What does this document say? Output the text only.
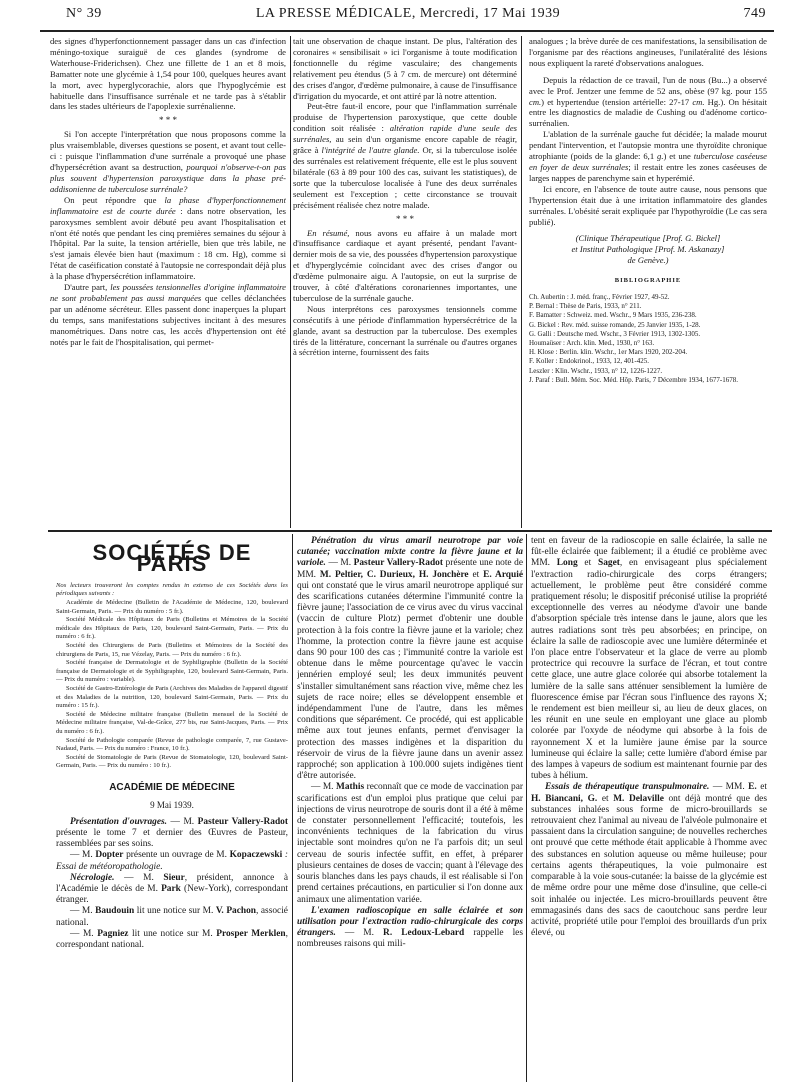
N° 39	LA PRESSE MÉDICALE, Mercredi, 17 Mai 1939	749

des signes d'hyperfonctionnement passager dans un cas d'infection méningo-toxique suraiguë de ces glandes (syndrome de Waterhouse-Friderichsen). Chez une fillette de 1 an et 8 mois, Bamatter note une glycémie à 1,54 pour 100, quelques heures avant la mort, avec hyperglycorachie, alors que l'hypoglycémie est habituelle dans l'insuffisance surrénale et ne tarde pas à s'établir dans les stades ultérieurs de l'apoplexie surrénalienne.

* * *

Si l'on accepte l'interprétation que nous proposons comme la plus vraisemblable, diverses questions se posent, et avant tout celle-ci : puisque l'inflammation d'une surrénale a provoqué une phase d'hypersécrétion avant sa destruction, pourquoi n'observe-t-on pas plus souvent d'hypertension paroxystique dans la phase pré-addisonienne de tuberculose surrénale?

On peut répondre que la phase d'hyperfonctionnement inflammatoire est de courte durée : dans notre observation, les paroxysmes semblent avoir débuté peu avant l'hospitalisation et n'ont été notés que pendant les cinq premières semaines du séjour à l'hôpital. Par la suite, la tension artérielle, bien que très labile, ne s'est jamais élevée bien haut (maximum : 18 cm. Hg), comme si l'état de caséification constaté à l'autopsie ne correspondait déjà plus à la phase d'hypersécrétion inflammatoire.

D'autre part, les poussées tensionnelles d'origine inflammatoire ne sont probablement pas aussi marquées que celles déclanchées par un adénome sécréteur. Elles passent donc inaperçues la plupart du temps, sans manifestations subjectives incitant à des mesures manométriques. Dans notre cas, les accès d'hypertension ont été notés par le fait de l'hospitalisation, qui permet-

tait une observation de chaque instant. De plus, l'altération des coronaires « sensibilisait » ici l'organisme à toute modification fonctionnelle du régime vasculaire; des changements relativement peu étendus (5 à 7 cm. de mercure) ont déterminé des crises d'angor, d'œdème pulmonaire, à cause de l'insuffisance d'irrigation du myocarde, et ont attiré par là notre attention.

Peut-être faut-il encore, pour que l'inflammation surrénale produise de l'hypertension paroxystique, que cette double condition soit réalisée : altération rapide d'une seule des surrénales, au sein d'un organisme encore capable de réagir, grâce à l'intégrité de l'autre glande. Or, si la tuberculose isolée des surrénales est relativement fréquente, elle est le plus souvent bilatérale (63 à 89 pour 100 des cas, suivant les statistiques), de sorte que la tuberculose localisée à l'une des deux surrénales seulement est l'exception ; cette circonstance se trouvait précisément réalisée chez notre malade.

* * *

En résumé, nous avons eu affaire à un malade mort d'insuffisance cardiaque et ayant présenté, pendant l'avant-dernier mois de sa vie, des poussées d'hypertension paroxystique et d'hyperglycémie coïncidant avec des crises d'angor ou d'œdème pulmonaire aigu. A l'autopsie, on eut la surprise de trouver, à côté d'altérations coronariennes importantes, une tuberculose de la surrénale gauche.

Nous interprétons ces paroxysmes tensionnels comme consécutifs à une période d'inflammation hypersécrétrice de la glande, avant sa destruction par la tuberculose. Des exemples tirés de la littérature, concernant la surrénale ou d'autres organes à sécrétion interne, fournissent des faits

analogues ; la brève durée de ces manifestations, la sensibilisation de l'organisme par des réactions angineuses, l'unilatéralité des lésions nous expliquent la rareté d'observations analogues.

Depuis la rédaction de ce travail, l'un de nous (Bu...) a observé avec le Prof. Jentzer une femme de 52 ans, obèse (97 kg. pour 155 cm.) et hypertendue (tension artérielle: 27-17 cm. Hg.). On hésitait entre les diagnostics de maladie de Cushing ou d'adénome cortico-surrénalien.

L'ablation de la surrénale gauche fut décidée; la malade mourut pendant l'intervention, et l'autopsie montra une thyroïdite chronique atrophiante (poids de la glande: 6,1 g.) et une tuberculose caséeuse en foyer de deux surrénales; il restait entre les zones caséeuses de larges nappes de parenchyme sain et hyperémié.

Ici encore, en l'absence de toute autre cause, nous pensons que l'hypertension était due à une irritation inflammatoire des glandes surrénales. L'obésité serait expliquée par l'hypothyroïdie (Le cas sera publié).

(Clinique Thérapeutique [Prof. G. Bickel]
et Institut Pathologique [Prof. M. Askanazy]
de Genève.)
BIBLIOGRAPHIE

Ch. Aubertin : J. méd. franç., Février 1927, 49-52.

P. Bernal : Thèse de Paris, 1933, n° 211.

F. Bamatter : Schweiz. med. Wschr., 9 Mars 1935, 236-238.

G. Bickel : Rev. méd. suisse romande, 25 Janvier 1935, 1-28.

G. Galli : Deutsche med. Wschr., 3 Février 1913, 1302-1305.

Houmaüser : Arch. klin. Med., 1930, n° 163.

H. Klose : Berlin. klin. Wschr., 1er Mars 1920, 202-204.

F. Koller : Endokrinol., 1933, 12, 401-425.

Leszler : Klin. Wschr., 1933, n° 12, 1226-1227.

J. Paraf : Bull. Mém. Soc. Méd. Hôp. Paris, 7 Décembre 1934, 1677-1678.

SOCIÉTÉS DE PARIS

Nos lecteurs trouveront les comptes rendus in extenso de ces Sociétés dans les périodiques suivants :

Académie de Médecine (Bulletin de l'Académie de Médecine, 120, boulevard Saint-Germain, Paris. — Prix du numéro : 5 fr.).

Société Médicale des Hôpitaux de Paris (Bulletins et Mémoires de la Société médicale des Hôpitaux de Paris, 120, boulevard Saint-Germain, Paris. — Prix du numéro : 6 fr.).

Société des Chirurgiens de Paris (Bulletins et Mémoires de la Société des chirurgiens de Paris, 15, rue Vézelay, Paris. — Prix du numéro : 6 fr.).

Société française de Dermatologie et de Syphiligraphie (Bulletin de la Société française de Dermatologie et de Syphiligraphie, 120, boulevard Saint-Germain, Paris. — Prix du numéro : variable).

Société de Gastro-Entérologie de Paris (Archives des Maladies de l'appareil digestif et des Maladies de la nutrition, 120, boulevard Saint-Germain, Paris. — Prix du numéro : 15 fr.).

Société de Médecine militaire française (Bulletin mensuel de la Société de Médecine militaire française, Val-de-Grâce, 277 bis, rue Saint-Jacques, Paris. — Prix du numéro : 6 fr.).

Société de Pathologie comparée (Revue de pathologie comparée, 7, rue Gustave-Nadaud, Paris. — Prix du numéro : France, 10 fr.).

Société de Stomatologie de Paris (Revue de Stomatologie, 120, boulevard Saint-Germain, Paris. — Prix du numéro : 10 fr.).

ACADÉMIE DE MÉDECINE
9 Mai 1939.

Présentation d'ouvrages. — M. Pasteur Vallery-Radot présente le tome 7 et dernier des Œuvres de Pasteur, rassemblées par ses soins.

— M. Dopter présente un ouvrage de M. Kopaczewski : Essai de météoropathologie.

Nécrologie. — M. Sieur, président, annonce à l'Académie le décès de M. Park (New-York), correspondant étranger.

— M. Baudouin lit une notice sur M. V. Pachon, associé national.

— M. Pagniez lit une notice sur M. Prosper Merklen, correspondant national.

Pénétration du virus amaril neurotrope par voie cutanée; vaccination mixte contre la fièvre jaune et la variole. — M. Pasteur Vallery-Radot présente une note de MM. M. Peltier, C. Durieux, H. Jonchère et E. Arquié qui ont constaté que le virus amaril neurotrope appliqué sur des scarifications cutanées détermine l'immunité contre la fièvre jaune; l'association de ce virus avec du virus vaccinal (vaccin de culture Plotz) permet d'obtenir une double protection à la fois contre la fièvre jaune et la variole; chez l'homme, la protection contre la fièvre jaune est acquise dans 90 pour 100 des cas ; l'immunité contre la variole est obtenue dans le même pourcentage qu'avec le vaccin jennérien employé seul; les deux immunités peuvent s'installer simultanément sans réaction vive, même chez les sujets de race noire; elles se développent ensemble et indépendamment l'une de l'autre, dans les mêmes conditions que séparément. Ce procédé, qui est applicable même aux tout jeunes enfants, permet d'envisager la protection des masses indigènes et la disparition du réservoir de virus de la fièvre jaune dans un avenir assez rapproché; son application à 100.000 sujets indigènes tient d'être autorisée.

— M. Mathis reconnaît que ce mode de vaccination par scarifications est d'un emploi plus pratique que celui par injections de virus neurotrope de souris dont il a été à même de constater personnellement l'efficacité; toutefois, les inconvénients techniques de la fabrication du virus injectable sont moindres qu'on ne l'a parfois dit; un seul cerveau de souris infectée suffit, en effet, à préparer plusieurs centaines de doses de vaccin; quant à l'élevage des souris blanches dans les pays chauds, il est réalisable si l'on prend certaines précautions, en particulier si l'on donne aux animaux une alimentation variée.

L'examen radioscopique en salle éclairée et son utilisation pour l'extraction radio-chirurgicale des corps étrangers. — M. R. Ledoux-Lebard rappelle les nombreuses raisons qui mili-

tent en faveur de la radioscopie en salle éclairée, la salle ne fût-elle éclairée que faiblement; il a étudié ce problème avec MM. Long et Saget, en envisageant plus spécialement l'extraction radio-chirurgicale des corps étrangers; actuellement, le problème peut être considéré comme pratiquement résolu; le dispositif préconisé utilise la propriété exceptionnelle des verres au néodyme d'avoir une bande d'absorption spéciale très intense dans le jaune, alors que les autres radiations sont très peu absorbées; en principe, on éclaire la salle de radioscopie avec une lumière déterminée et l'on place entre l'observateur et la glace de verre au plomb protectrice qui recouvre la surface de l'écran, et tout contre cette glace, une autre glace colorée qui absorbe totalement la lumière de la salle sans atténuer sensiblement la lumière de fluorescence émise par l'écran sous l'influence des rayons X; le rendement est bien meilleur si, au lieu de deux glaces, on les réunit en une seule en employant une glace au plomb colorée par l'oxyde de néodyme qui absorbe à la fois de rayonnement X et la lumière jaune émise par la source lumineuse qui éclaire la salle; cette lumière d'abord émise par des lampes à vapeurs de sodium est maintenant fournie par des tubes à hélium.

Essais de thérapeutique transpulmonaire. — MM. E. et H. Biancani, G. et M. Delaville ont déjà montré que des substances inhalées sous forme de micro-brouillards se retrouvaient chez l'animal au niveau de l'alvéole pulmonaire et passaient dans la circulation sanguine; de nouvelles recherches ont prouvé que cette méthode était applicable à l'homme avec des substances en solution aqueuse ou même huileuse; pour certains agents thérapeutiques, la voie pulmonaire est comparable à la voie sous-cutanée: la baisse de la glycémie est de même ordre pour une même dose d'insuline, que celle-ci soit inhalée ou injectée. Les micro-brouillards peuvent être emmagasinés dans des sacs de caoutchouc sans perdre leur activité, propriété utile pour l'emploi des brouillards d'un prix élevé, ou
